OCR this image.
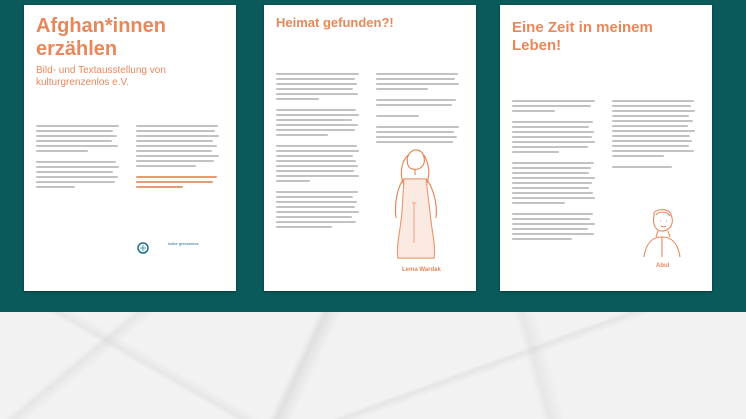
Afghan*innen erzählen
Bild- und Textausstellung von kulturgrenzenlos e.V.
kultur grenzenlos
Heimat gefunden?!
Lema Wardak
Eine Zeit in meinem Leben!
Abul
